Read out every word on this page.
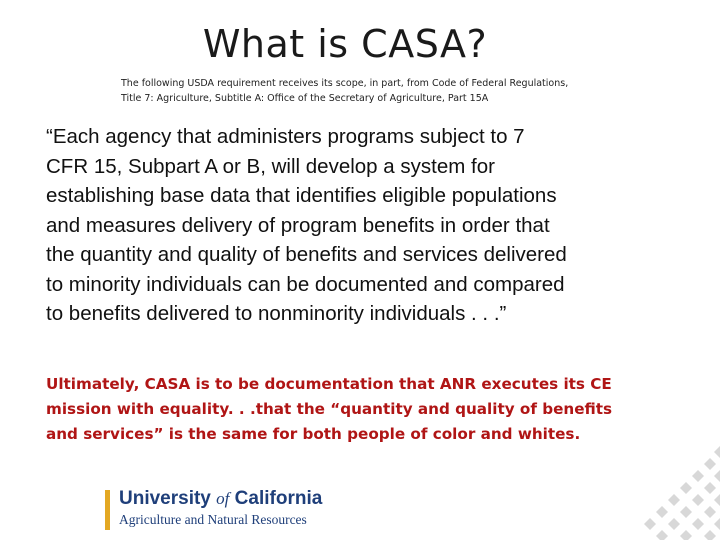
What is CASA?
The following USDA requirement receives its scope, in part, from Code of Federal Regulations,
Title 7: Agriculture, Subtitle A: Office of the Secretary of Agriculture, Part 15A
“Each agency that administers programs subject to 7
CFR 15, Subpart A or B, will develop a system for
establishing base data that identifies eligible populations
and measures delivery of program benefits in order that
the quantity and quality of benefits and services delivered
to minority individuals can be documented and compared
to benefits delivered to nonminority individuals . . .”
Ultimately, CASA is to be documentation that ANR executes its CE
mission with equality. . .that the “quantity and quality of benefits
and services” is the same for both people of color and whites.
University of California
Agriculture and Natural Resources
